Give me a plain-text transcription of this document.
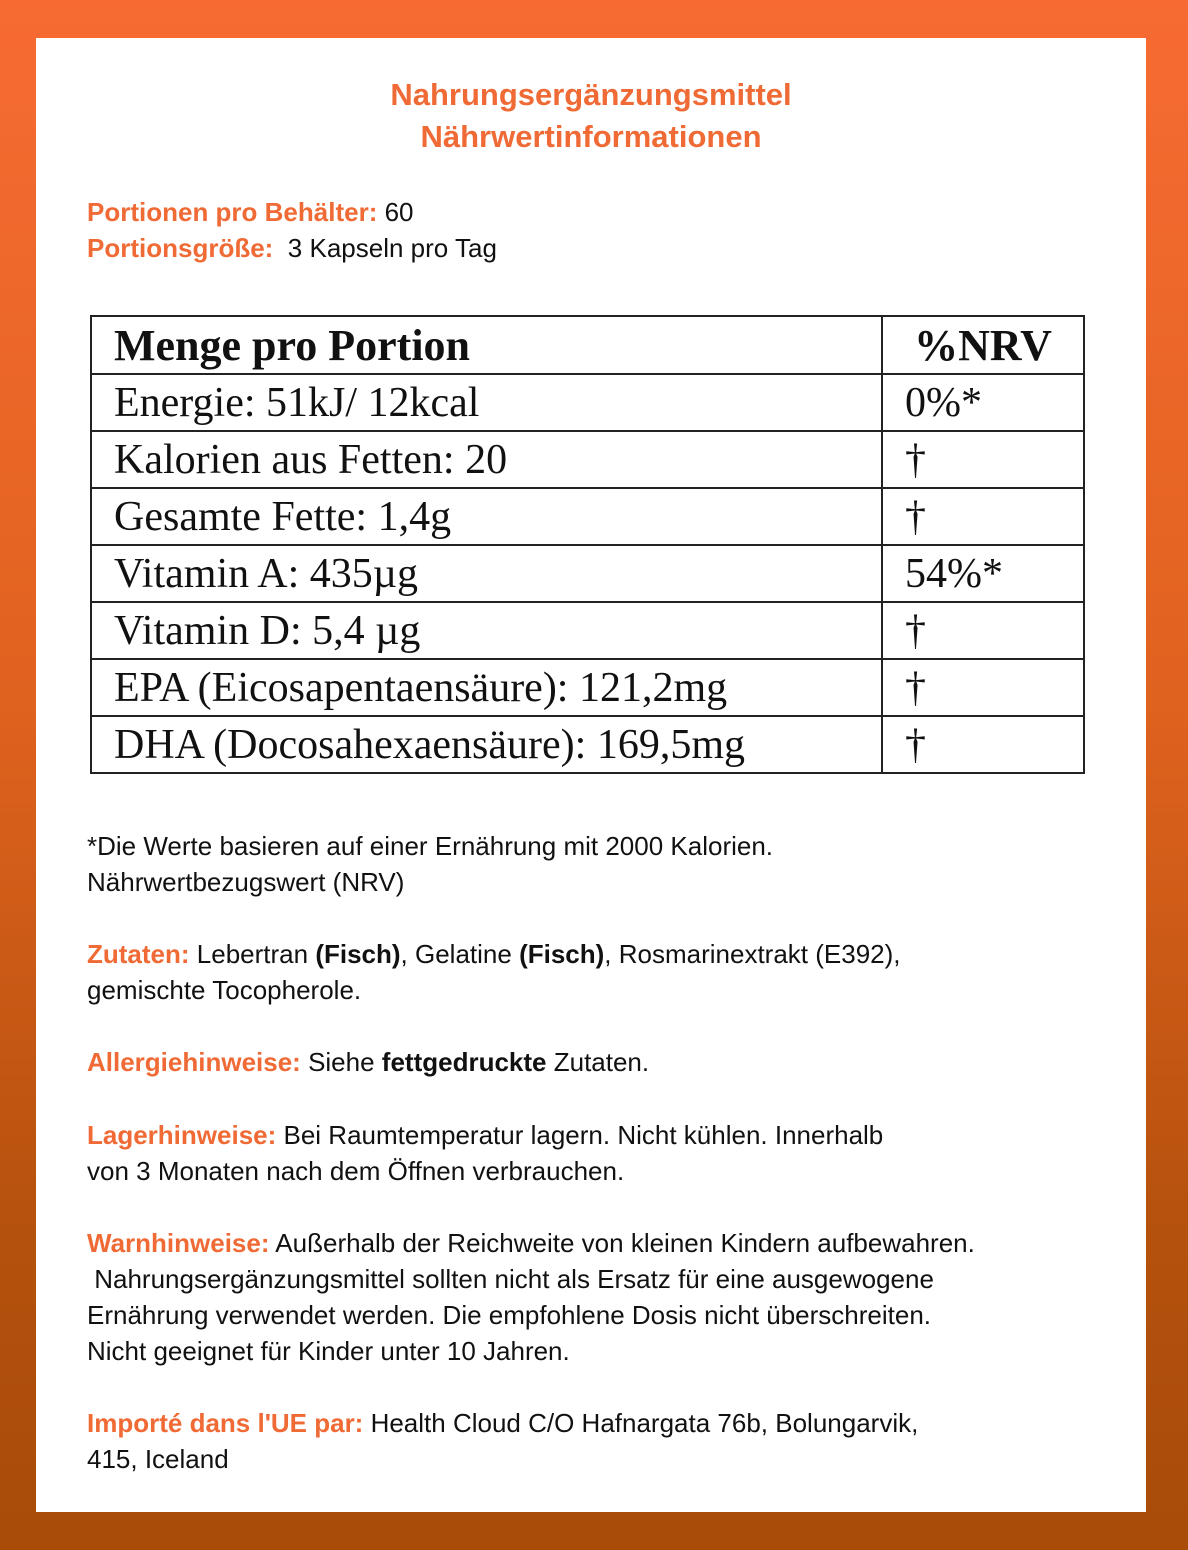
Nahrungsergänzungsmittel
Nährwertinformationen
Portionen pro Behälter: 60
Portionsgröße: 3 Kapseln pro Tag
Menge pro Portion	%NRV
Energie: 51kJ/ 12kcal	0%*
Kalorien aus Fetten: 20	†
Gesamte Fette: 1,4g	†
Vitamin A: 435µg	54%*
Vitamin D: 5,4 µg	†
EPA (Eicosapentaensäure): 121,2mg	†
DHA (Docosahexaensäure): 169,5mg	†
*Die Werte basieren auf einer Ernährung mit 2000 Kalorien.
Nährwertbezugswert (NRV)
Zutaten: Lebertran (Fisch), Gelatine (Fisch), Rosmarinextrakt (E392),
gemischte Tocopherole.
Allergiehinweise: Siehe fettgedruckte Zutaten.
Lagerhinweise: Bei Raumtemperatur lagern. Nicht kühlen. Innerhalb
von 3 Monaten nach dem Öffnen verbrauchen.
Warnhinweise: Außerhalb der Reichweite von kleinen Kindern aufbewahren.
Nahrungsergänzungsmittel sollten nicht als Ersatz für eine ausgewogene
Ernährung verwendet werden. Die empfohlene Dosis nicht überschreiten.
Nicht geeignet für Kinder unter 10 Jahren.
Importé dans l'UE par: Health Cloud C/O Hafnargata 76b, Bolungarvik,
415, Iceland
